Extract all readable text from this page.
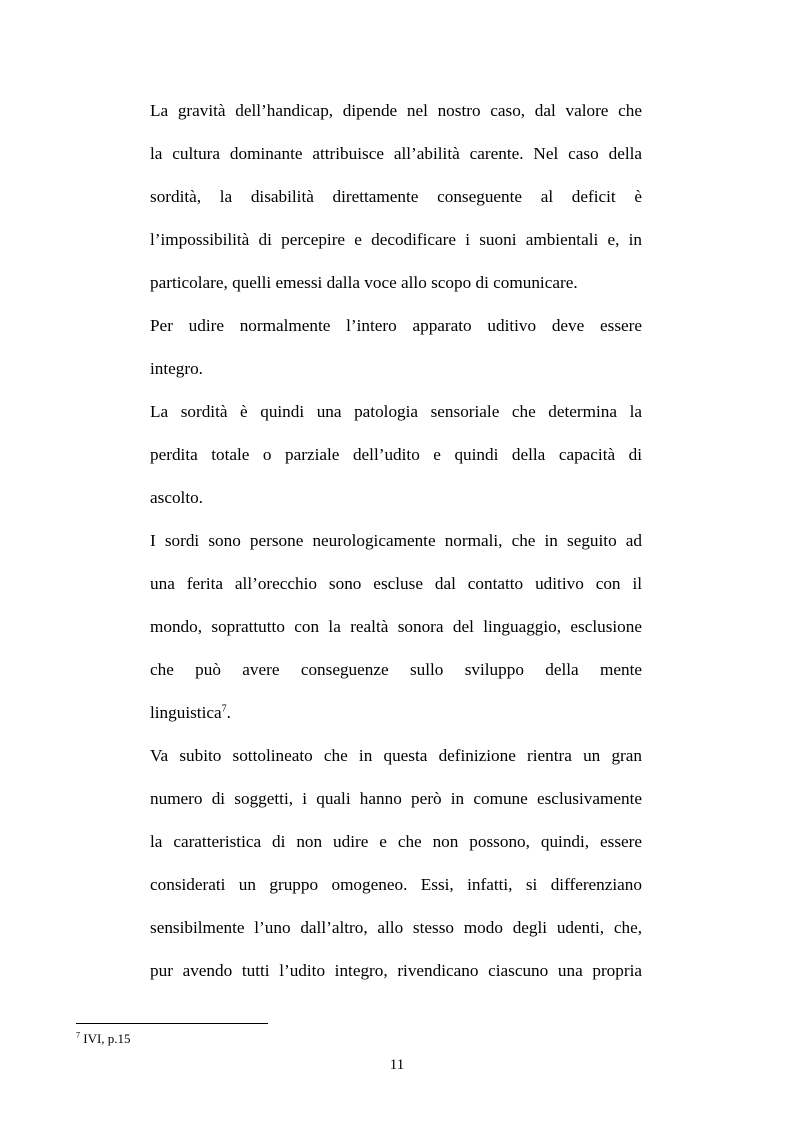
La gravità dell’handicap, dipende nel nostro caso, dal valore che
la cultura dominante attribuisce all’abilità carente. Nel caso della
sordità, la disabilità direttamente conseguente al deficit è
l’impossibilità di percepire e decodificare i suoni ambientali e, in
particolare, quelli emessi dalla voce allo scopo di comunicare.

Per udire normalmente l’intero apparato uditivo deve essere
integro.

La sordità è quindi una patologia sensoriale che determina la
perdita totale o parziale dell’udito e quindi della capacità di
ascolto.

I sordi sono persone neurologicamente normali, che in seguito ad
una ferita all’orecchio sono escluse dal contatto uditivo con il
mondo, soprattutto con la realtà sonora del linguaggio, esclusione
che può avere conseguenze sullo sviluppo della mente
linguistica$^7$.

Va subito sottolineato che in questa definizione rientra un gran
numero di soggetti, i quali hanno però in comune esclusivamente
la caratteristica di non udire e che non possono, quindi, essere
considerati un gruppo omogeneo. Essi, infatti, si differenziano
sensibilmente l’uno dall’altro, allo stesso modo degli udenti, che,
pur avendo tutti l’udito integro, rivendicano ciascuno una propria

$^7$ IVI, p.15
11
